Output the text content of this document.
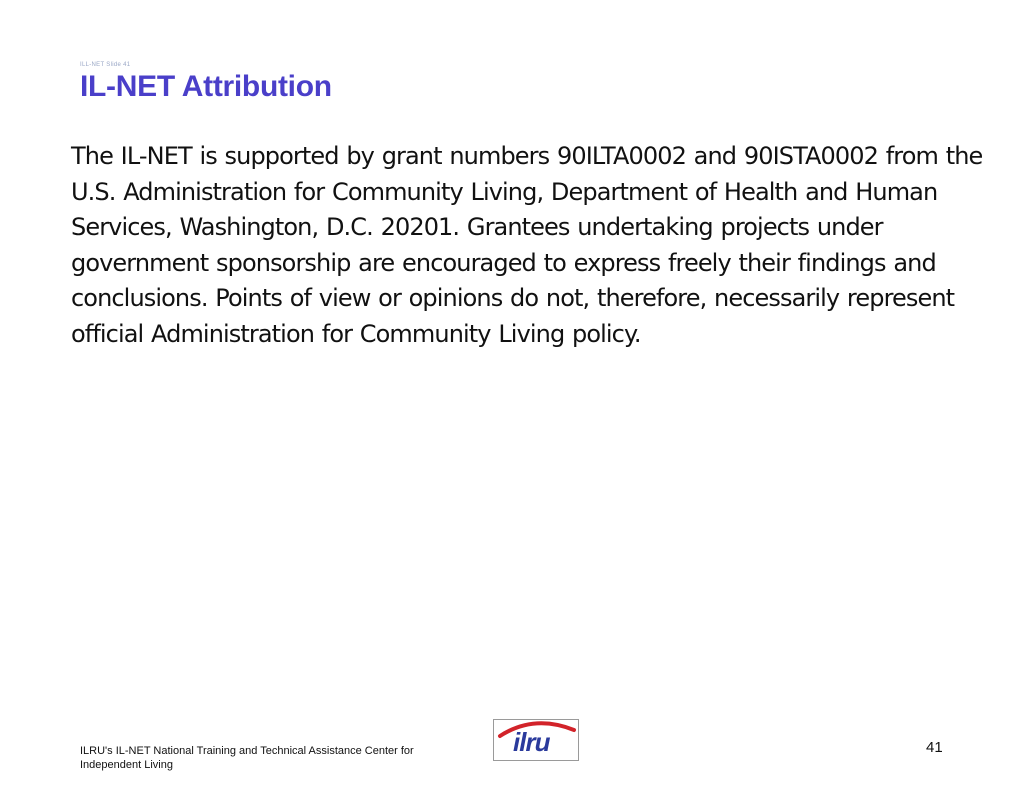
ILL-NET Slide 41
IL-NET Attribution

The IL-NET is supported by grant numbers 90ILTA0002 and 90ISTA0002 from the U.S. Administration for Community Living, Department of Health and Human Services, Washington, D.C. 20201. Grantees undertaking projects under government sponsorship are encouraged to express freely their findings and conclusions. Points of view or opinions do not, therefore, necessarily represent official Administration for Community Living policy.

ILRU's IL-NET National Training and Technical Assistance Center for Independent Living
ilru	41
